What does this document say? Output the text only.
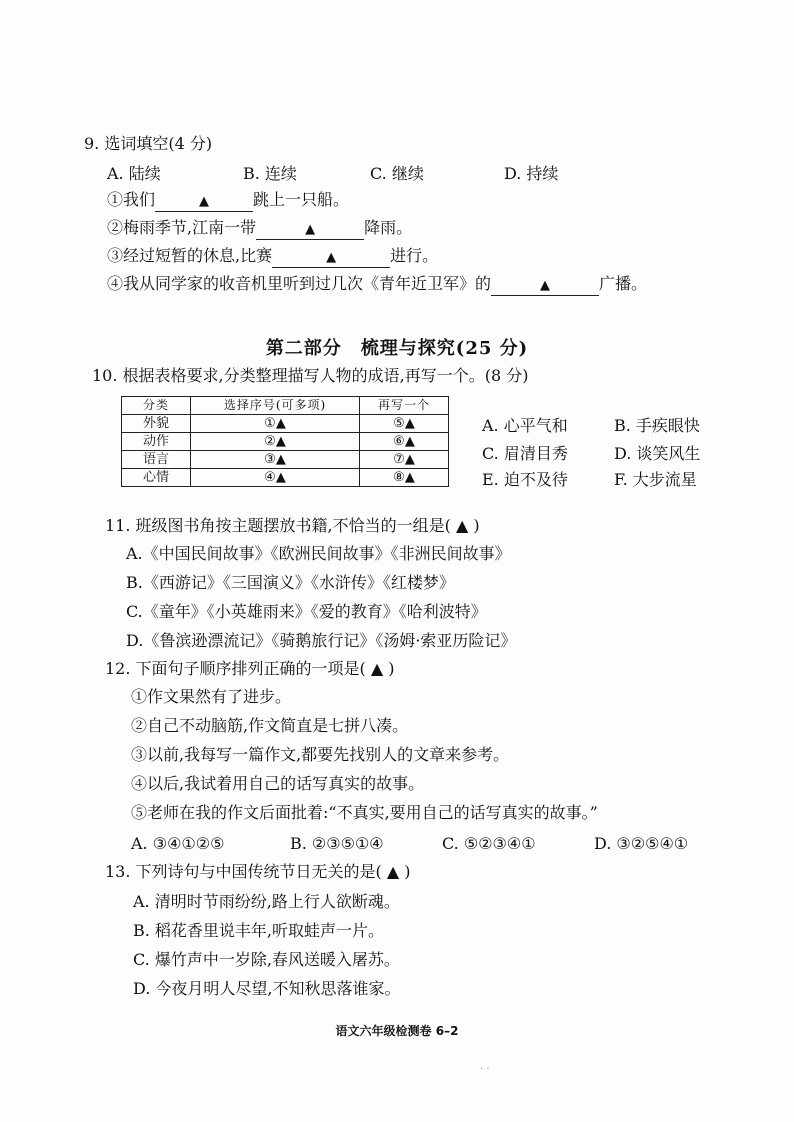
9. 选词填空(4 分)
A. 陆续	B. 连续	C. 继续	D. 持续
①我们	▲	跳上一只船。
②梅雨季节,江南一带	▲	降雨。
③经过短暂的休息,比赛	▲	进行。
④我从同学家的收音机里听到过几次《青年近卫军》的	▲	广播。
第二部分　梳理与探究(25 分)
10. 根据表格要求,分类整理描写人物的成语,再写一个。(8 分)
分类	选择序号(可多项)	再写一个
外貌	①▲	⑤▲
动作	②▲	⑥▲
语言	③▲	⑦▲
心情	④▲	⑧▲
A. 心平气和	B. 手疾眼快
C. 眉清目秀	D. 谈笑风生
E. 迫不及待	F. 大步流星
11. 班级图书角按主题摆放书籍,不恰当的一组是( ▲ )
A.《中国民间故事》《欧洲民间故事》《非洲民间故事》
B.《西游记》《三国演义》《水浒传》《红楼梦》
C.《童年》《小英雄雨来》《爱的教育》《哈利波特》
D.《鲁滨逊漂流记》《骑鹅旅行记》《汤姆·索亚历险记》
12. 下面句子顺序排列正确的一项是( ▲ )
①作文果然有了进步。
②自己不动脑筋,作文简直是七拼八凑。
③以前,我每写一篇作文,都要先找别人的文章来参考。
④以后,我试着用自己的话写真实的故事。
⑤老师在我的作文后面批着:“不真实,要用自己的话写真实的故事。”
A. ③④①②⑤	B. ②③⑤①④	C. ⑤②③④①	D. ③②⑤④①
13. 下列诗句与中国传统节日无关的是( ▲ )
A. 清明时节雨纷纷,路上行人欲断魂。
B. 稻花香里说丰年,听取蛙声一片。
C. 爆竹声中一岁除,春风送暖入屠苏。
D. 今夜月明人尽望,不知秋思落谁家。
语文六年级检测卷 6–2
· ·
